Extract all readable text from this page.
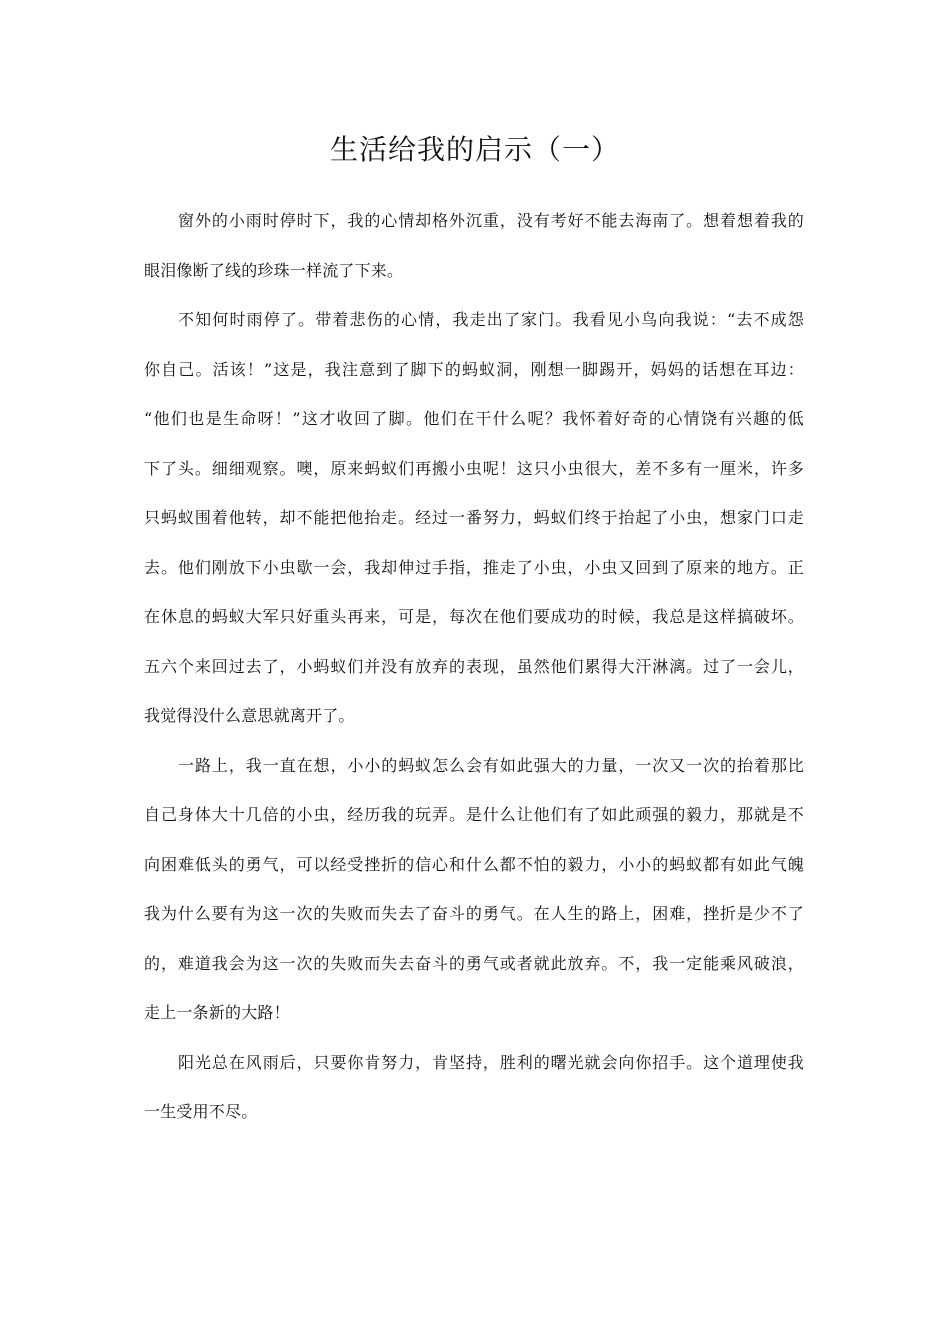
生活给我的启示（一）
窗外的小雨时停时下，我的心情却格外沉重，没有考好不能去海南了。想着想着我的
眼泪像断了线的珍珠一样流了下来。
不知何时雨停了。带着悲伤的心情，我走出了家门。我看见小鸟向我说：“去不成怨
你自己。活该！”这是，我注意到了脚下的蚂蚁洞，刚想一脚踢开，妈妈的话想在耳边：
“他们也是生命呀！”这才收回了脚。他们在干什么呢？我怀着好奇的心情饶有兴趣的低
下了头。细细观察。噢，原来蚂蚁们再搬小虫呢！这只小虫很大，差不多有一厘米，许多
只蚂蚁围着他转，却不能把他抬走。经过一番努力，蚂蚁们终于抬起了小虫，想家门口走
去。他们刚放下小虫歇一会，我却伸过手指，推走了小虫，小虫又回到了原来的地方。正
在休息的蚂蚁大军只好重头再来，可是，每次在他们要成功的时候，我总是这样搞破坏。
五六个来回过去了，小蚂蚁们并没有放弃的表现，虽然他们累得大汗淋漓。过了一会儿，
我觉得没什么意思就离开了。
一路上，我一直在想，小小的蚂蚁怎么会有如此强大的力量，一次又一次的抬着那比
自己身体大十几倍的小虫，经历我的玩弄。是什么让他们有了如此顽强的毅力，那就是不
向困难低头的勇气，可以经受挫折的信心和什么都不怕的毅力，小小的蚂蚁都有如此气魄
我为什么要有为这一次的失败而失去了奋斗的勇气。在人生的路上，困难，挫折是少不了
的，难道我会为这一次的失败而失去奋斗的勇气或者就此放弃。不，我一定能乘风破浪，
走上一条新的大路！
阳光总在风雨后，只要你肯努力，肯坚持，胜利的曙光就会向你招手。这个道理使我
一生受用不尽。
